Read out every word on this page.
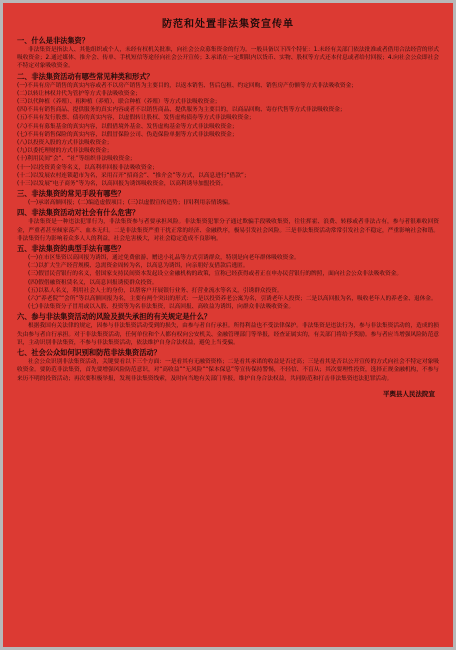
防范和处置非法集资宣传单
一、什么是非法集资？

非法集资是指法人、其他组织或个人，未经有权机关批准，向社会公众募集资金的行为。一般具备以下四个特征：1.未经有关部门依法批准或者借用合法经营的形式吸收资金；2.通过媒体、推介会、传单、手机短信等途径向社会公开宣传；3.承诺在一定期限内以货币、实物、股权等方式还本付息或者给付回报；4.向社会公众即社会不特定对象吸收资金。

二、非法集资活动有哪些常见种类和形式？

(一)不具有房产销售的真实内容或者不以房产销售为主要目的，以返本销售、售后包租、约定回购、销售房产份额等方式非法吸收资金；

(二)以转让林权并代为管护等方式非法吸收资金；

(三)以代种植（养殖）、租种植（养殖）、联合种植（养殖）等方式非法吸收资金；

(四)不具有销售商品、提供服务的真实内容或者不以销售商品、提供服务为主要目的，以商品回购、寄存代售等方式非法吸收资金；

(五)不具有发行股票、债券的真实内容，以虚假转让股权、发售虚构债券等方式非法吸收资金；

(六)不具有募集基金的真实内容，以假借境外基金、发售虚构基金等方式非法吸收资金；

(七)不具有销售保险的真实内容，以假冒保险公司、伪造保险单据等方式非法吸收资金；

(八)以投资入股的方式非法吸收资金；

(九)以委托理财的方式非法吸收资金；

(十)利用民间“会”、“社”等组织非法吸收资金；

(十一)以投资黄金等名义，以高利率回报非法吸收资金；

(十二)以发展农村连锁超市为名，采用召开“招商会”、“推介会”等方式，以高息进行“借款”；

(十三)以发展“电子商务”等为名，以高回报为诱饵吸收资金，以高利诱导加盟投资。

三、非法集资的常见手段有哪些？

(一)承诺高额回报；(二)编造虚假项目；(三)以虚假宣传造势；(四)利用亲情诱骗。

四、非法集资活动对社会有什么危害？

非法集资是一种违法犯罪行为，非法集资参与者要承担风险。非法集资犯罪分子通过欺骗手段吸收集资，往往挥霍、浪费、转移或者非法占有，参与者很难收回资金，严重者甚至倾家荡产、血本无归。二是非法集资严重干扰正常的经济、金融秩序，极易引发社会风险。三是非法集资活动常常引发社会不稳定，严重影响社会和谐。非法集资行为影响着众多人人的利益，社会危害极大，对社会稳定造成不良影响。

五、非法集资的典型手法有哪些？

(一)在市区集资以高回报为诱饵，通过免费旅游、赠送小礼品等方式引诱群众，特别是向老年群体吸收资金。

(二)以扩大生产经营规模、急需资金周转为名，以高息为诱饵，向亲朋好友借款后逃匿。

(三)假冒民营银行的名义，借国家支持民间资本发起设立金融机构的政策，宣称已经获得或者正在申办民营银行的牌照，面向社会公众非法吸收资金。

(四)假借融资租赁名义，以高息回报诱使群众投资。

(五)以私人名义，利用社会人士的身份，以帮客户开展银行业务、打营业流水等名义，引诱群众投资。

(六)“养老院”“会所”等以高额回报为名，主要有两个突出的形式：一是以投资养老公寓为名，引诱老年人投资；二是以高回报为名，吸收老年人的养老金、退休金。

(七)非法集资分子冒用或以入股、投资等为名非法集资，以高回报、高收益为诱饵，向群众非法吸收资金。

六、参与非法集资活动的风险及损失承担的有关规定是什么？

根据我国有关法律的规定，因参与非法集资活动受到的损失，由参与者自行承担。所得利益也不受法律保护。非法集资是违法行为，参与非法集资活动的，造成的损失由参与者自行承担。对于非法集资活动，任何单位和个人都有权向公安机关、金融管理部门等举报，经查证属实的，有关部门将给予奖励。参与者应当增强风险防范意识，主动识别非法集资，不参与非法集资活动，依法维护自身合法权益，避免上当受骗。

七、社会公众如何识别和防范非法集资活动？

社会公众识别非法集资活动，关键要看以下三个方面：一是看其有无融资资格；二是看其承诺的收益是否过高；三是看其是否以公开宣传的方式向社会不特定对象吸收资金。要防范非法集资，首先要增强风险防范意识，对“高收益”“无风险”“保本保息”等宣传保持警惕，不轻信、不盲从；其次要理性投资，选择正规金融机构，不参与来历不明的投资活动；再次要积极举报，发现非法集资线索，及时向当地有关部门举报，维护自身合法权益，共同防范和打击非法集资违法犯罪活动。

平舆县人民法院宣
